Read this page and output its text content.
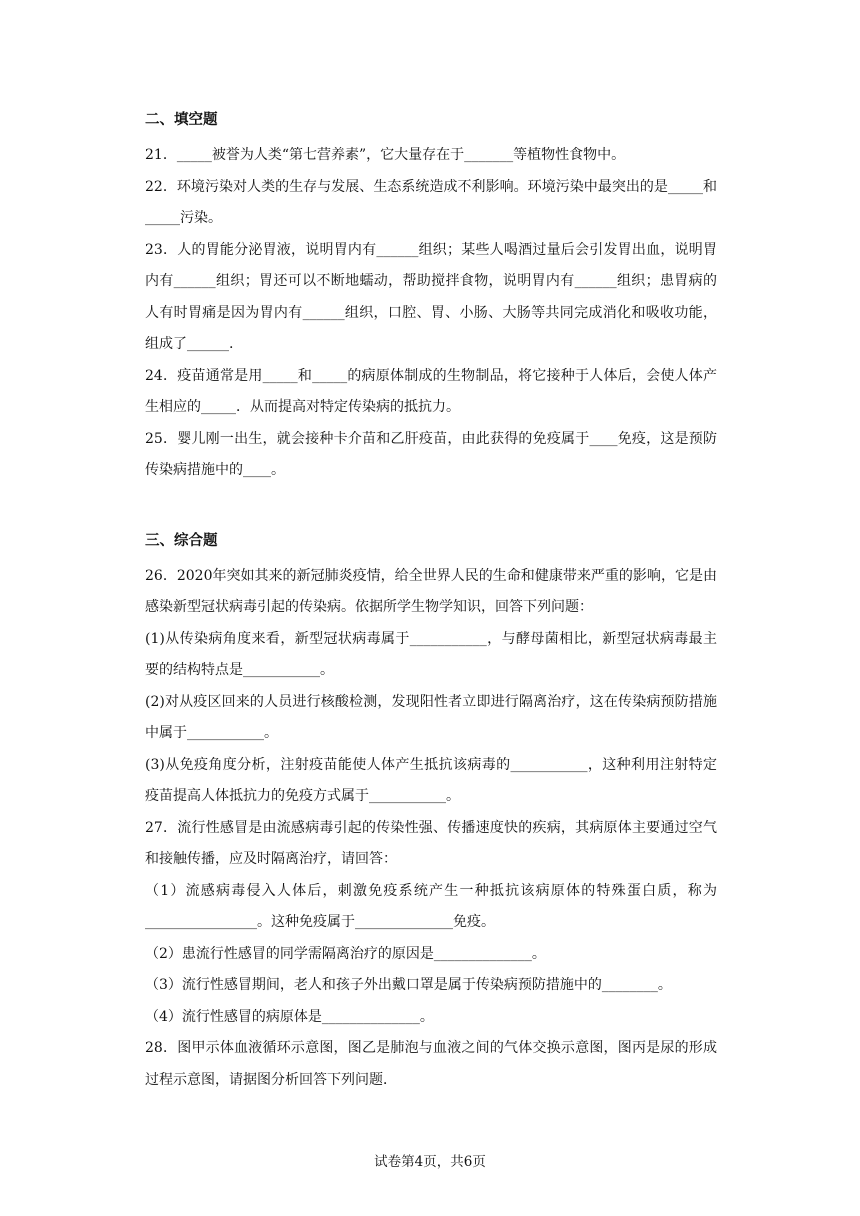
二、填空题

21．_____被誉为人类“第七营养素”，它大量存在于_______等植物性食物中。

22．环境污染对人类的生存与发展、生态系统造成不利影响。环境污染中最突出的是_____和_____污染。

23．人的胃能分泌胃液，说明胃内有______组织；某些人喝酒过量后会引发胃出血，说明胃内有______组织；胃还可以不断地蠕动，帮助搅拌食物，说明胃内有______组织；患胃病的人有时胃痛是因为胃内有______组织，口腔、胃、小肠、大肠等共同完成消化和吸收功能，组成了______.

24．疫苗通常是用_____和_____的病原体制成的生物制品，将它接种于人体后，会使人体产生相应的_____．从而提高对特定传染病的抵抗力。

25．婴儿刚一出生，就会接种卡介苗和乙肝疫苗，由此获得的免疫属于____免疫，这是预防传染病措施中的____。

三、综合题

26．2020年突如其来的新冠肺炎疫情，给全世界人民的生命和健康带来严重的影响，它是由感染新型冠状病毒引起的传染病。依据所学生物学知识，回答下列问题：

(1)从传染病角度来看，新型冠状病毒属于___________，与酵母菌相比，新型冠状病毒最主要的结构特点是___________。

(2)对从疫区回来的人员进行核酸检测，发现阳性者立即进行隔离治疗，这在传染病预防措施中属于___________。

(3)从免疫角度分析，注射疫苗能使人体产生抵抗该病毒的___________，这种利用注射特定疫苗提高人体抵抗力的免疫方式属于___________。

27．流行性感冒是由流感病毒引起的传染性强、传播速度快的疾病，其病原体主要通过空气和接触传播，应及时隔离治疗，请回答：

（1）流感病毒侵入人体后，刺激免疫系统产生一种抵抗该病原体的特殊蛋白质，称为________________。这种免疫属于______________免疫。

（2）患流行性感冒的同学需隔离治疗的原因是______________。

（3）流行性感冒期间，老人和孩子外出戴口罩是属于传染病预防措施中的________。

（4）流行性感冒的病原体是______________。

28．图甲示体血液循环示意图，图乙是肺泡与血液之间的气体交换示意图，图丙是尿的形成过程示意图，请据图分析回答下列问题．

试卷第4页，共6页
